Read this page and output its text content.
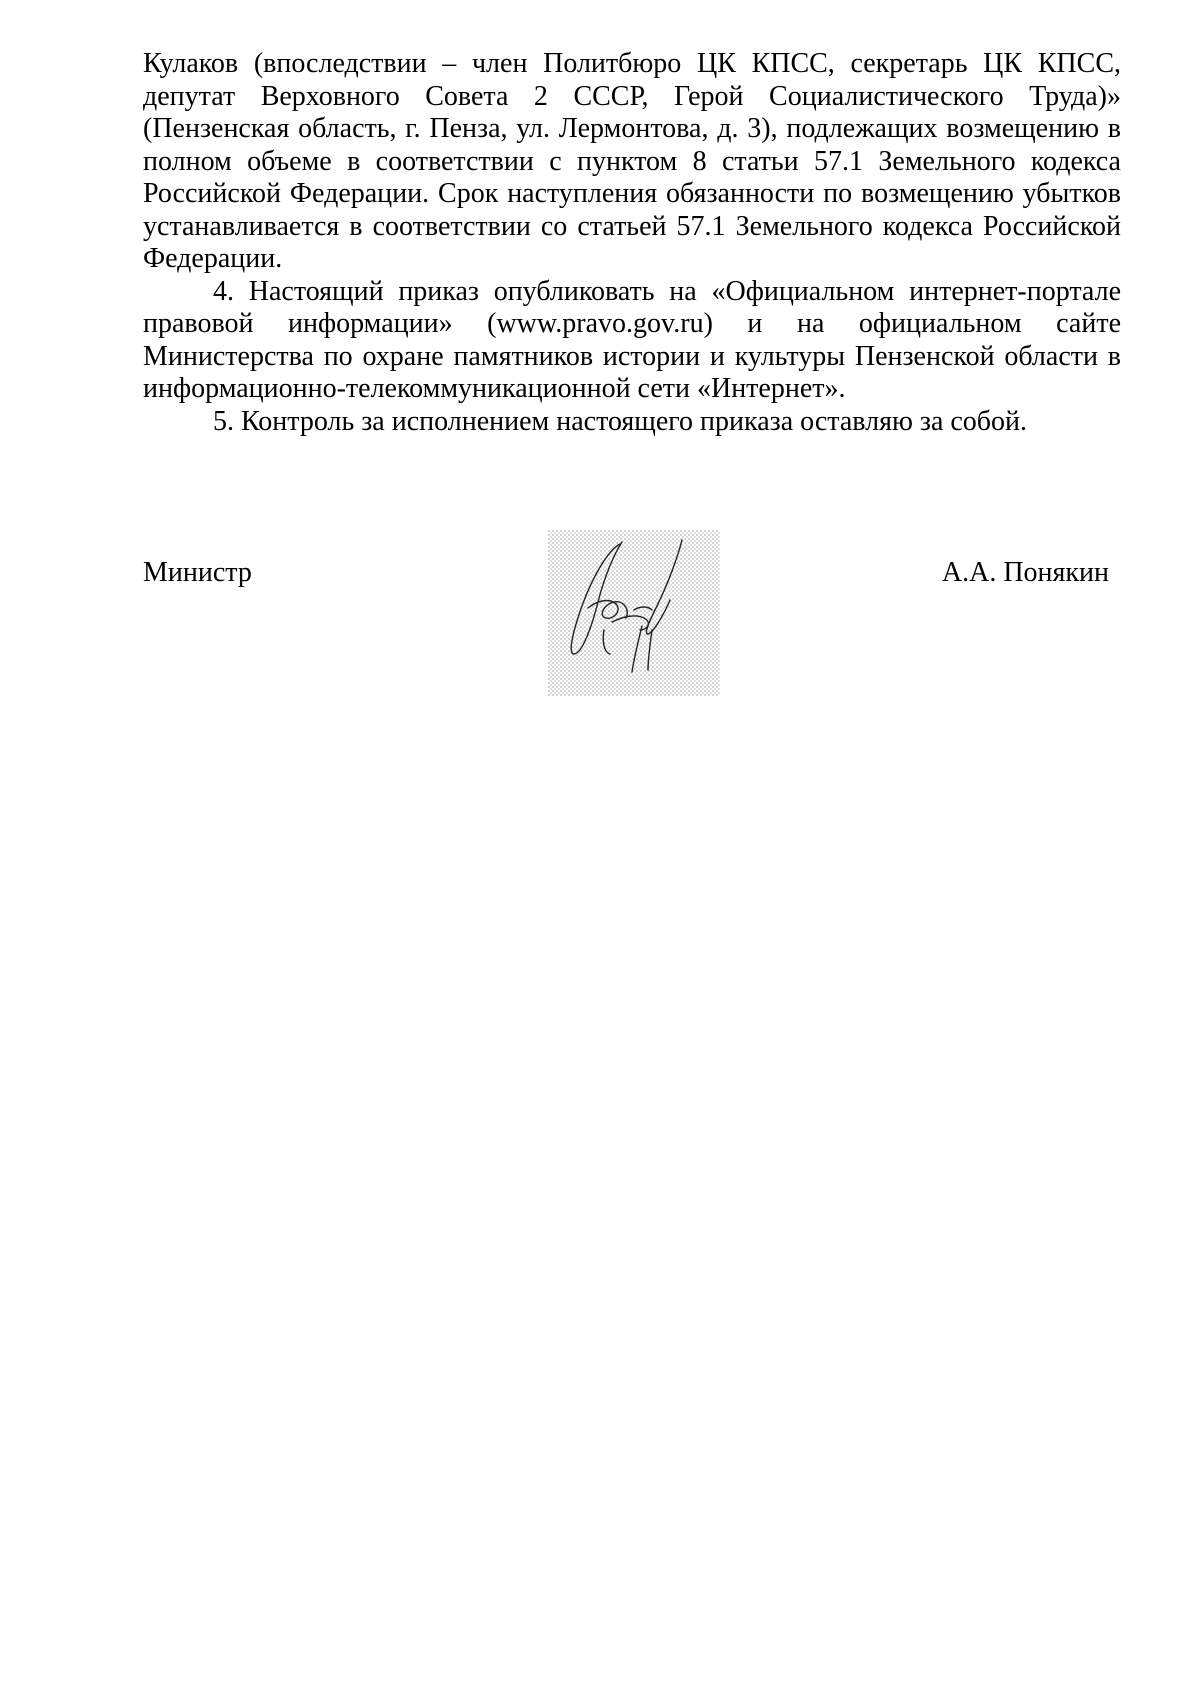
Кулаков (впоследствии – член Политбюро ЦК КПСС, секретарь ЦК КПСС, депутат Верховного Совета 2 СССР, Герой Социалистического Труда)» (Пензенская область, г. Пенза, ул. Лермонтова, д. 3), подлежащих возмещению в полном объеме в соответствии с пунктом 8 статьи 57.1 Земельного кодекса Российской Федерации. Срок наступления обязанности по возмещению убытков устанавливается в соответствии со статьей 57.1 Земельного кодекса Российской Федерации.

4. Настоящий приказ опубликовать на «Официальном интернет-портале правовой информации» (www.pravo.gov.ru) и на официальном сайте Министерства по охране памятников истории и культуры Пензенской области в информационно-телекоммуникационной сети «Интернет».

5. Контроль за исполнением настоящего приказа оставляю за собой.

Министр	А.А. Понякин
